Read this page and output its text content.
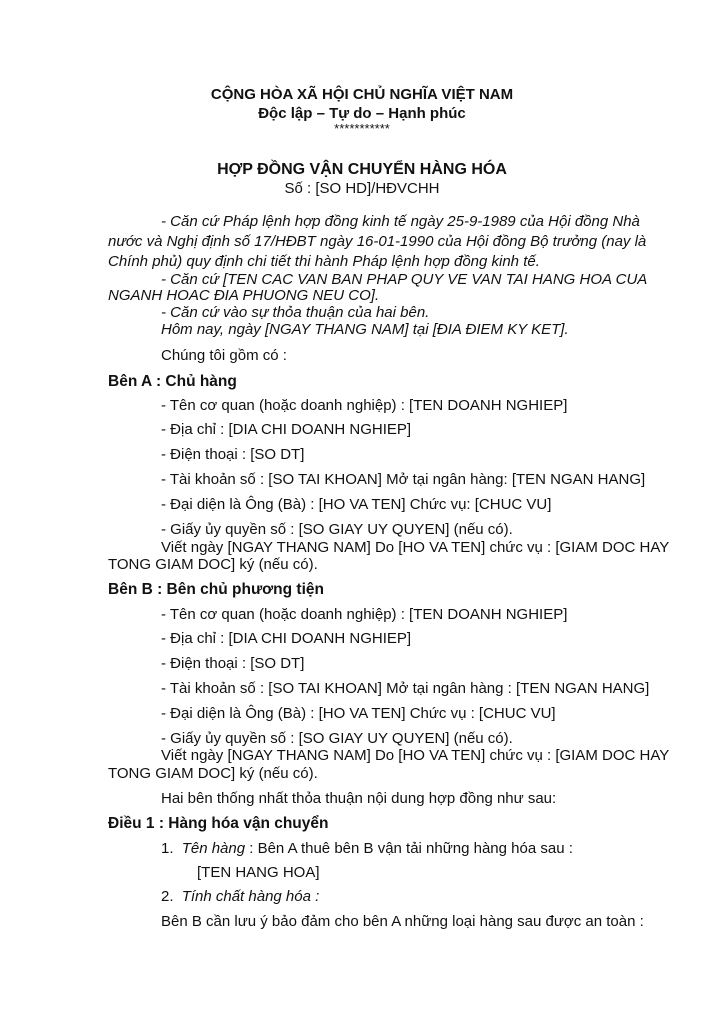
CỘNG HÒA XÃ HỘI CHỦ NGHĨA VIỆT NAM
Độc lập – Tự do – Hạnh phúc
***********
HỢP ĐỒNG VẬN CHUYỂN HÀNG HÓA
Số : [SO HD]/HĐVCHH
- Căn cứ Pháp lệnh hợp đồng kinh tế ngày 25-9-1989 của Hội đồng Nhà
nước và Nghị định số 17/HĐBT ngày 16-01-1990 của Hội đồng Bộ trưởng (nay là
Chính phủ) quy định chi tiết thi hành Pháp lệnh hợp đồng kinh tế.
- Căn cứ [TEN CAC VAN BAN PHAP QUY VE VAN TAI HANG HOA CUA
NGANH HOAC ĐIA PHUONG NEU CO].
- Căn cứ vào sự thỏa thuận của hai bên.
Hôm nay, ngày [NGAY THANG NAM] tại [ĐIA ĐIEM KY KET].
Chúng tôi gồm có :
Bên A : Chủ hàng
- Tên cơ quan (hoặc doanh nghiệp) : [TEN DOANH NGHIEP]
- Địa chỉ : [DIA CHI DOANH NGHIEP]
- Điện thoại : [SO DT]
- Tài khoản số : [SO TAI KHOAN] Mở tại ngân hàng: [TEN NGAN HANG]
- Đại diện là Ông (Bà) : [HO VA TEN] Chức vụ: [CHUC VU]
- Giấy ủy quyền số : [SO GIAY UY QUYEN] (nếu có).
Viết ngày [NGAY THANG NAM] Do [HO VA TEN] chức vụ : [GIAM DOC HAY
TONG GIAM DOC] ký (nếu có).
Bên B : Bên chủ phương tiện
- Tên cơ quan (hoặc doanh nghiệp) : [TEN DOANH NGHIEP]
- Địa chỉ : [DIA CHI DOANH NGHIEP]
- Điện thoại : [SO DT]
- Tài khoản số : [SO TAI KHOAN] Mở tại ngân hàng : [TEN NGAN HANG]
- Đại diện là Ông (Bà) : [HO VA TEN] Chức vụ : [CHUC VU]
- Giấy ủy quyền số : [SO GIAY UY QUYEN] (nếu có).
Viết ngày [NGAY THANG NAM] Do [HO VA TEN] chức vụ : [GIAM DOC HAY
TONG GIAM DOC] ký (nếu có).
Hai bên thống nhất thỏa thuận nội dung hợp đồng như sau:
Điều 1 : Hàng hóa vận chuyển
1. Tên hàng : Bên A thuê bên B vận tải những hàng hóa sau :
[TEN HANG HOA]
2. Tính chất hàng hóa :
Bên B cần lưu ý bảo đảm cho bên A những loại hàng sau được an toàn :
